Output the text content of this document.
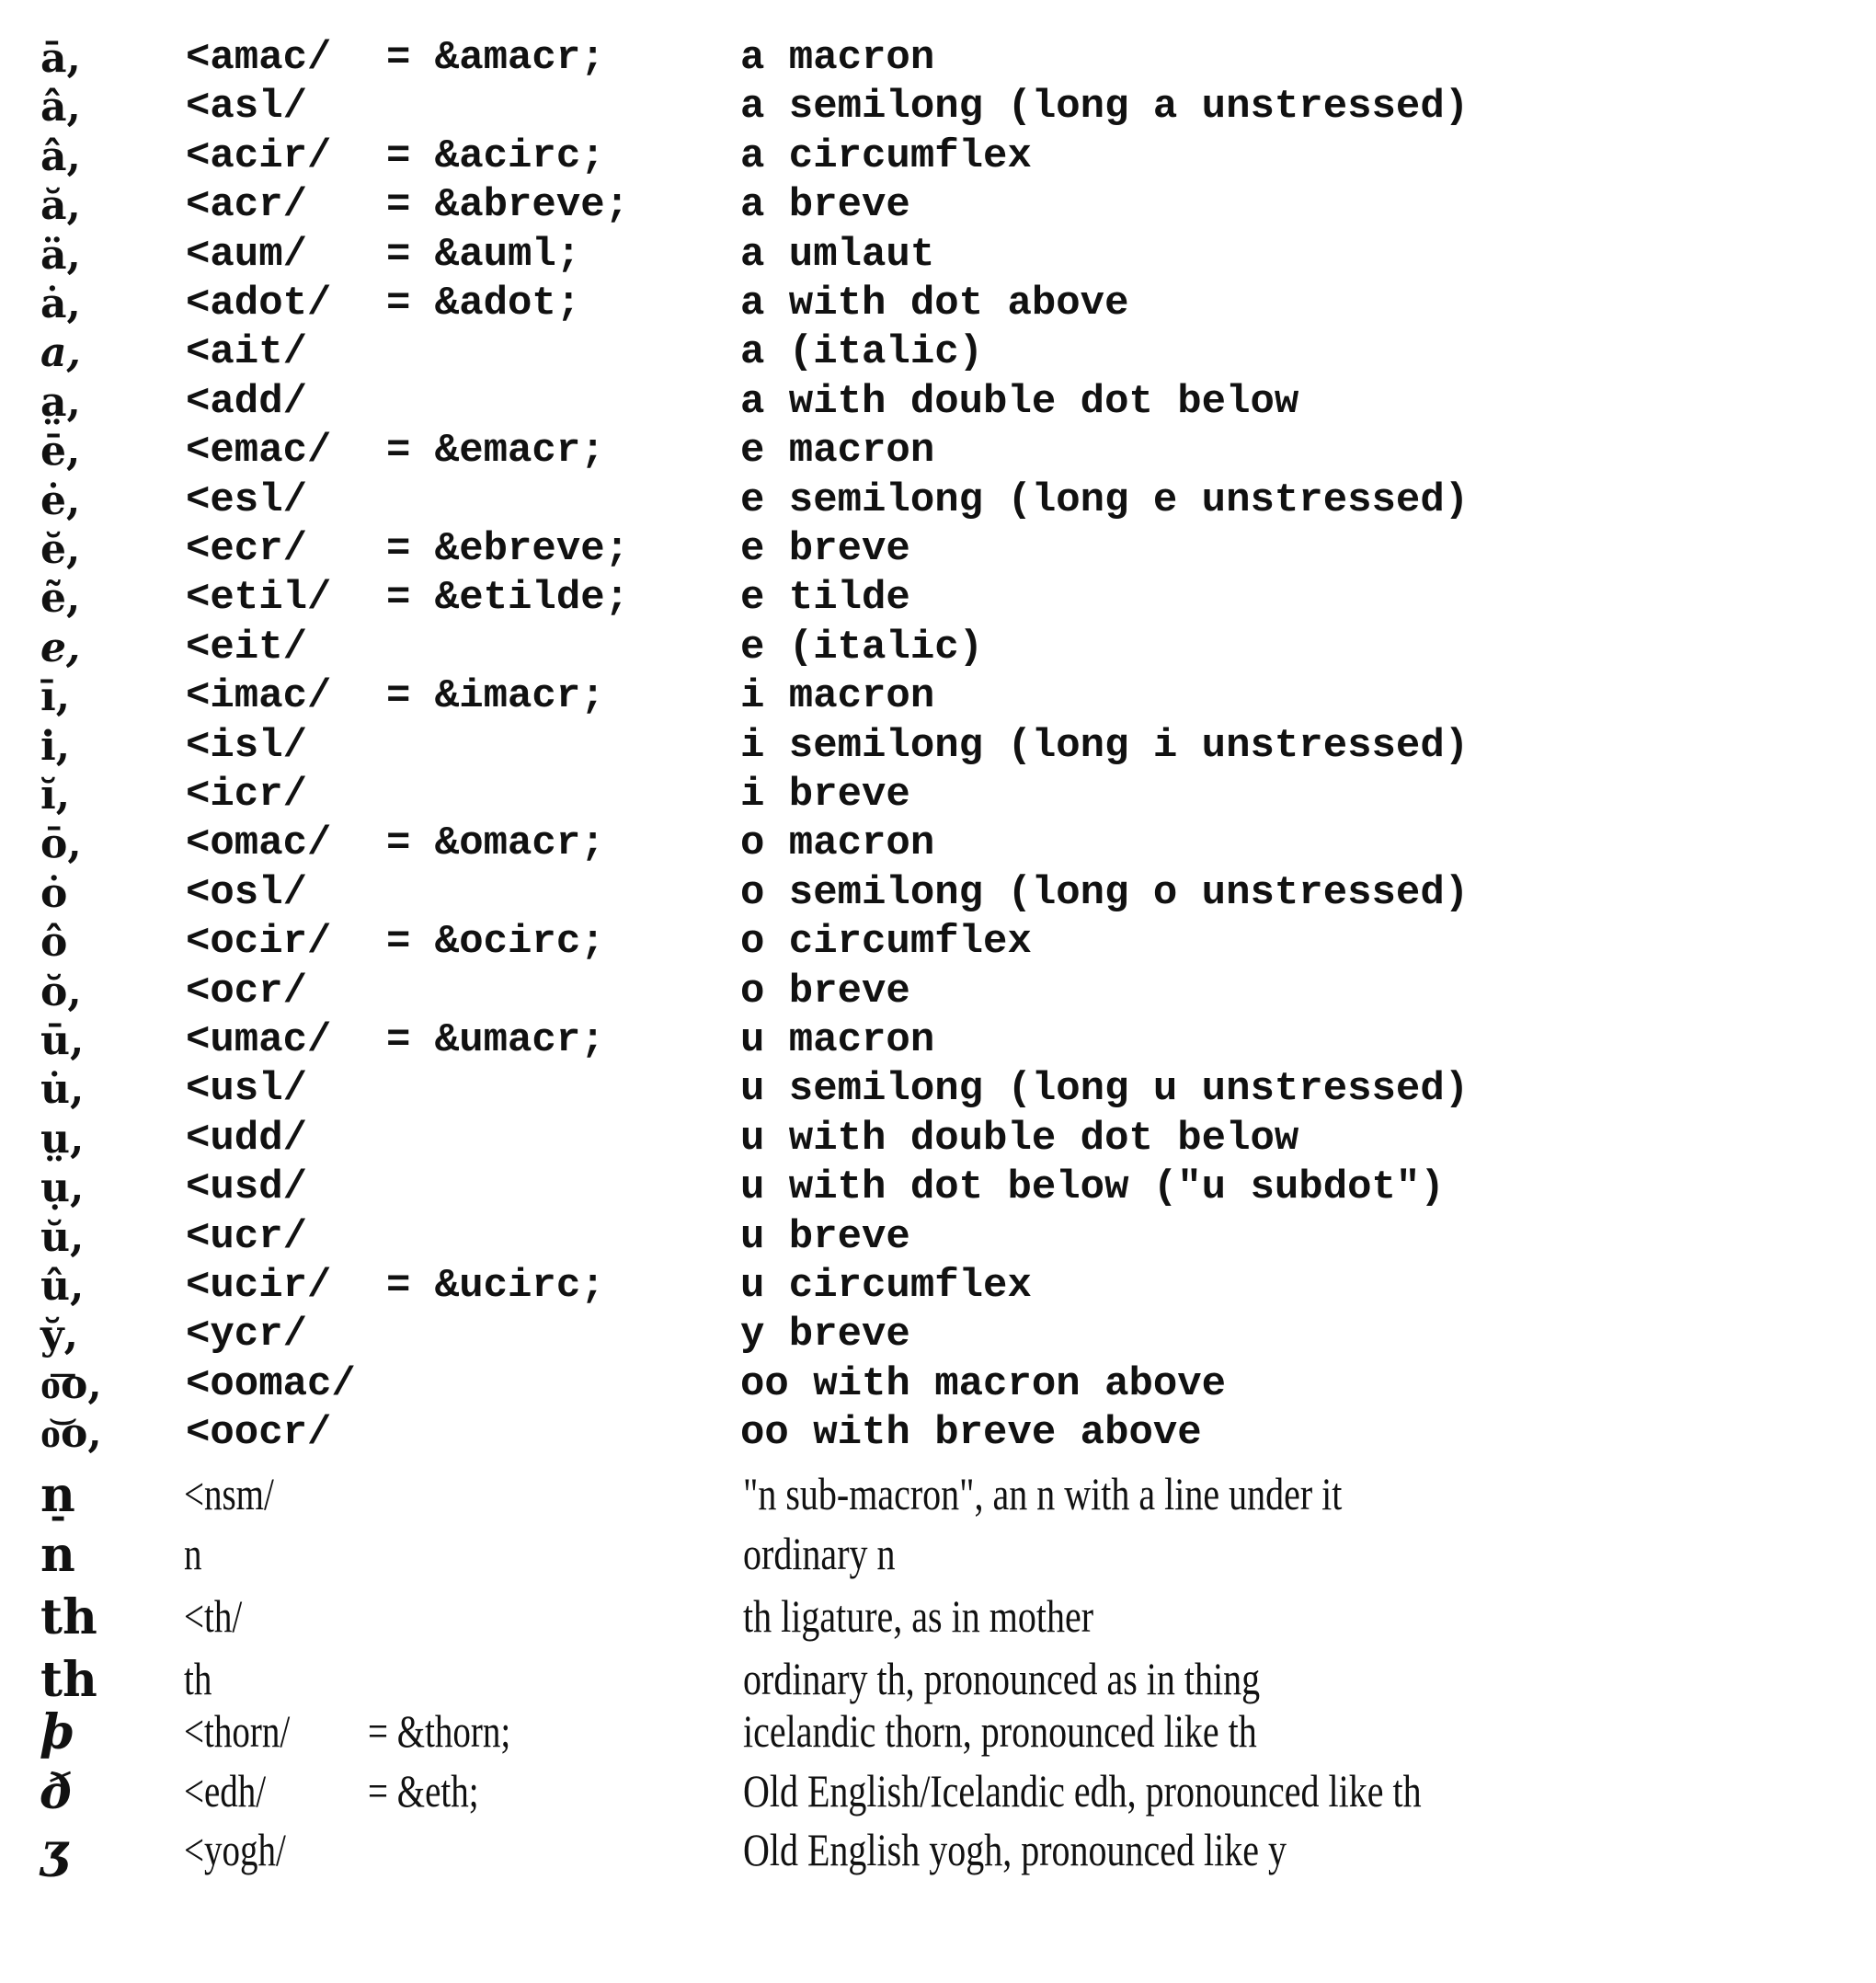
ā,	<amac/ = &amacr;	a macron
â,	<asl/	a semilong (long a unstressed)
â,	<acir/ = &acirc;	a circumflex
ă,	<acr/ = &abreve;	a breve
ä,	<aum/ = &auml;	a umlaut
ȧ,	<adot/ = &adot;	a with dot above
a,	<ait/	a (italic)
a̤,	<add/	a with double dot below
ē,	<emac/ = &emacr;	e macron
ė,	<esl/	e semilong (long e unstressed)
ĕ,	<ecr/ = &ebreve;	e breve
ẽ,	<etil/ = &etilde;	e tilde
e,	<eit/	e (italic)
ī,	<imac/ = &imacr;	i macron
i,	<isl/	i semilong (long i unstressed)
ĭ,	<icr/	i breve
ō,	<omac/ = &omacr;	o macron
ȯ	<osl/	o semilong (long o unstressed)
ô	<ocir/ = &ocirc;	o circumflex
ŏ,	<ocr/	o breve
ū,	<umac/ = &umacr;	u macron
u̇,	<usl/	u semilong (long u unstressed)
ṳ,	<udd/	u with double dot below
ụ,	<usd/	u with dot below ("u subdot")
ŭ,	<ucr/	u breve
û,	<ucir/ = &ucirc;	u circumflex
y̆,	<ycr/	y breve
o͞o, <oomac/	oo with macron above
o͝o, <oocr/	oo with breve above
n̠ <nsm/	"n sub-macron", an n with a line under it
n n	ordinary n
th <th/	th ligature, as in mother
th th	ordinary th, pronounced as in thing
þ <thorn/ = &thorn;	icelandic thorn, pronounced like th
ð <edh/ = &eth;	Old English/Icelandic edh, pronounced like th
ʒ	<yogh/	Old English yogh, pronounced like y
